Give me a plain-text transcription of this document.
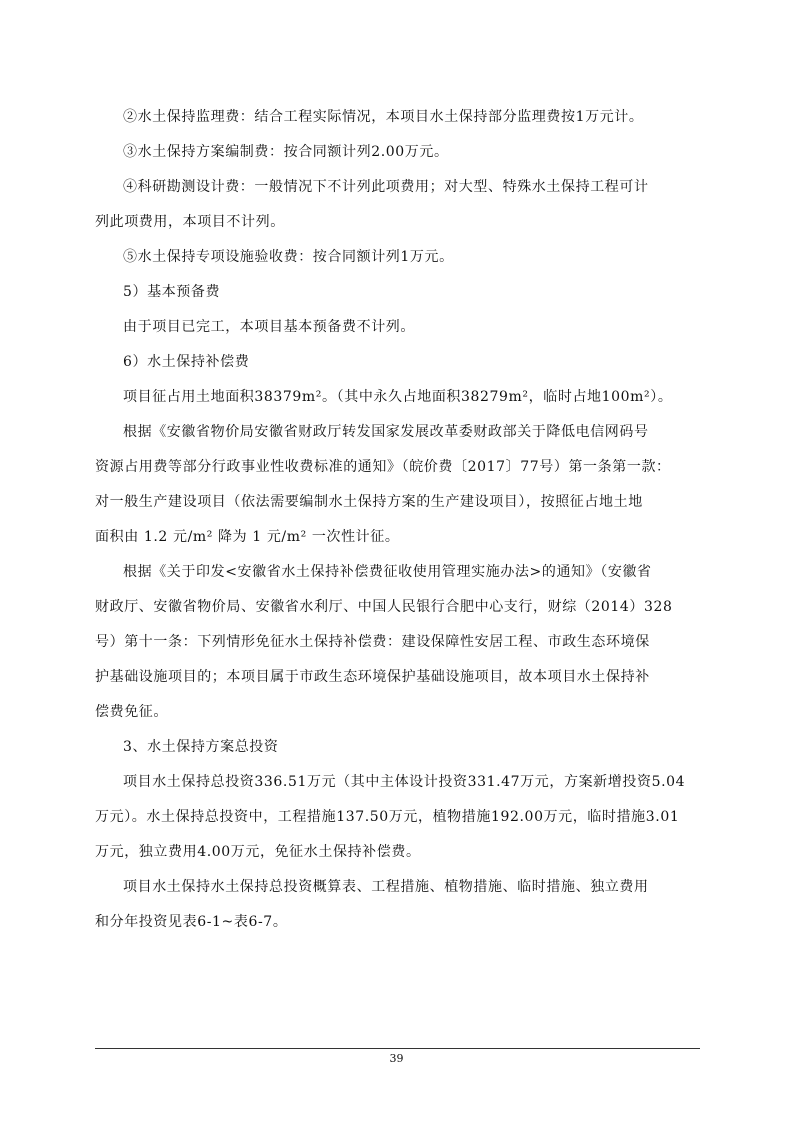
②水土保持监理费：结合工程实际情况，本项目水土保持部分监理费按1万元计。

③水土保持方案编制费：按合同额计列2.00万元。

④科研勘测设计费：一般情况下不计列此项费用；对大型、特殊水土保持工程可计

列此项费用，本项目不计列。

⑤水土保持专项设施验收费：按合同额计列1万元。

5）基本预备费

由于项目已完工，本项目基本预备费不计列。

6）水土保持补偿费

项目征占用土地面积38379m²。（其中永久占地面积38279m²，临时占地100m²）。

根据《安徽省物价局安徽省财政厅转发国家发展改革委财政部关于降低电信网码号

资源占用费等部分行政事业性收费标准的通知》（皖价费〔2017〕77号）第一条第一款：

对一般生产建设项目（依法需要编制水土保持方案的生产建设项目），按照征占地土地

面积由 1.2 元/m² 降为 1 元/m² 一次性计征。

根据《关于印发<安徽省水土保持补偿费征收使用管理实施办法>的通知》（安徽省

财政厅、安徽省物价局、安徽省水利厅、中国人民银行合肥中心支行，财综（2014）328

号）第十一条：下列情形免征水土保持补偿费：建设保障性安居工程、市政生态环境保

护基础设施项目的；本项目属于市政生态环境保护基础设施项目，故本项目水土保持补

偿费免征。

3、水土保持方案总投资

项目水土保持总投资336.51万元（其中主体设计投资331.47万元，方案新增投资5.04

万元）。水土保持总投资中，工程措施137.50万元，植物措施192.00万元，临时措施3.01

万元，独立费用4.00万元，免征水土保持补偿费。

项目水土保持水土保持总投资概算表、工程措施、植物措施、临时措施、独立费用

和分年投资见表6-1~表6-7。

39
